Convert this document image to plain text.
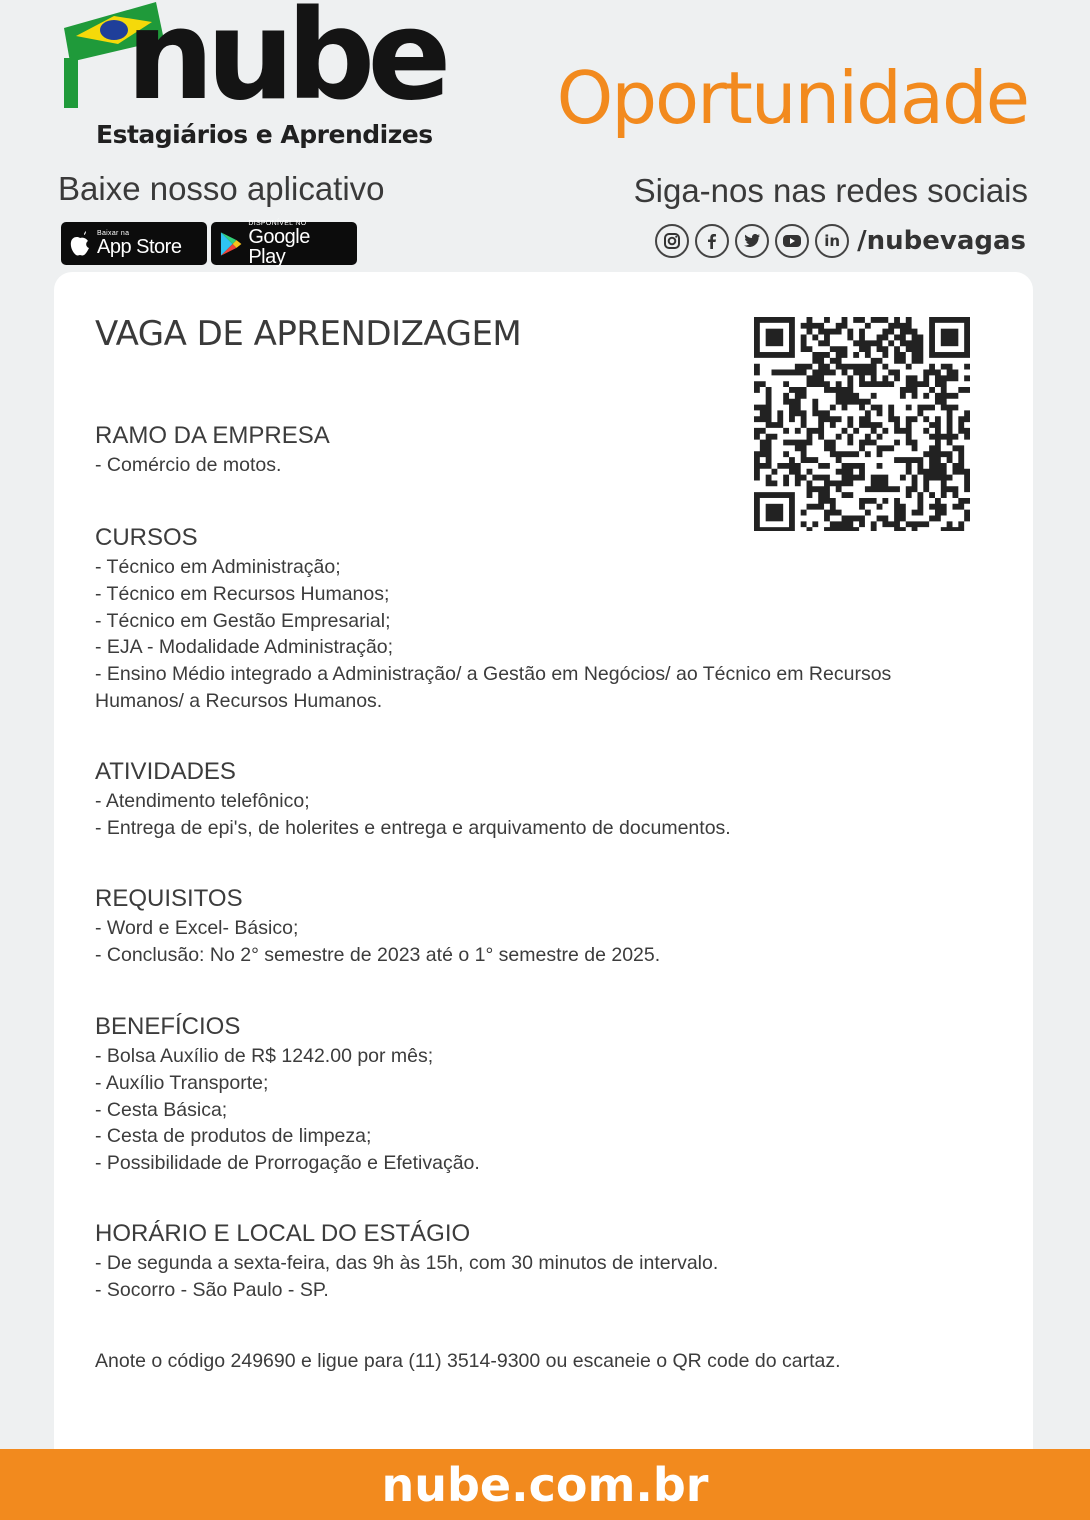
nube
Estagiários e Aprendizes Oportunidade
Baixe nosso aplicativo
Baixar na
App Store
DISPONÍVEL NO
Google Play
Siga-nos nas redes sociais
in /nubevagas
VAGA DE APRENDIZAGEM
RAMO DA EMPRESA
- Comércio de motos.
CURSOS
- Técnico em Administração;
- Técnico em Recursos Humanos;
- Técnico em Gestão Empresarial;
- EJA - Modalidade Administração;
- Ensino Médio integrado a Administração/ a Gestão em Negócios/ ao Técnico em Recursos
Humanos/ a Recursos Humanos.
ATIVIDADES
- Atendimento telefônico;
- Entrega de epi's, de holerites e entrega e arquivamento de documentos.
REQUISITOS
- Word e Excel- Básico;
- Conclusão: No 2° semestre de 2023 até o 1° semestre de 2025.
BENEFÍCIOS
- Bolsa Auxílio de R$ 1242.00 por mês;
- Auxílio Transporte;
- Cesta Básica;
- Cesta de produtos de limpeza;
- Possibilidade de Prorrogação e Efetivação.
HORÁRIO E LOCAL DO ESTÁGIO
- De segunda a sexta-feira, das 9h às 15h, com 30 minutos de intervalo.
- Socorro - São Paulo - SP.
Anote o código 249690 e ligue para (11) 3514-9300 ou escaneie o QR code do cartaz.
nube.com.br
